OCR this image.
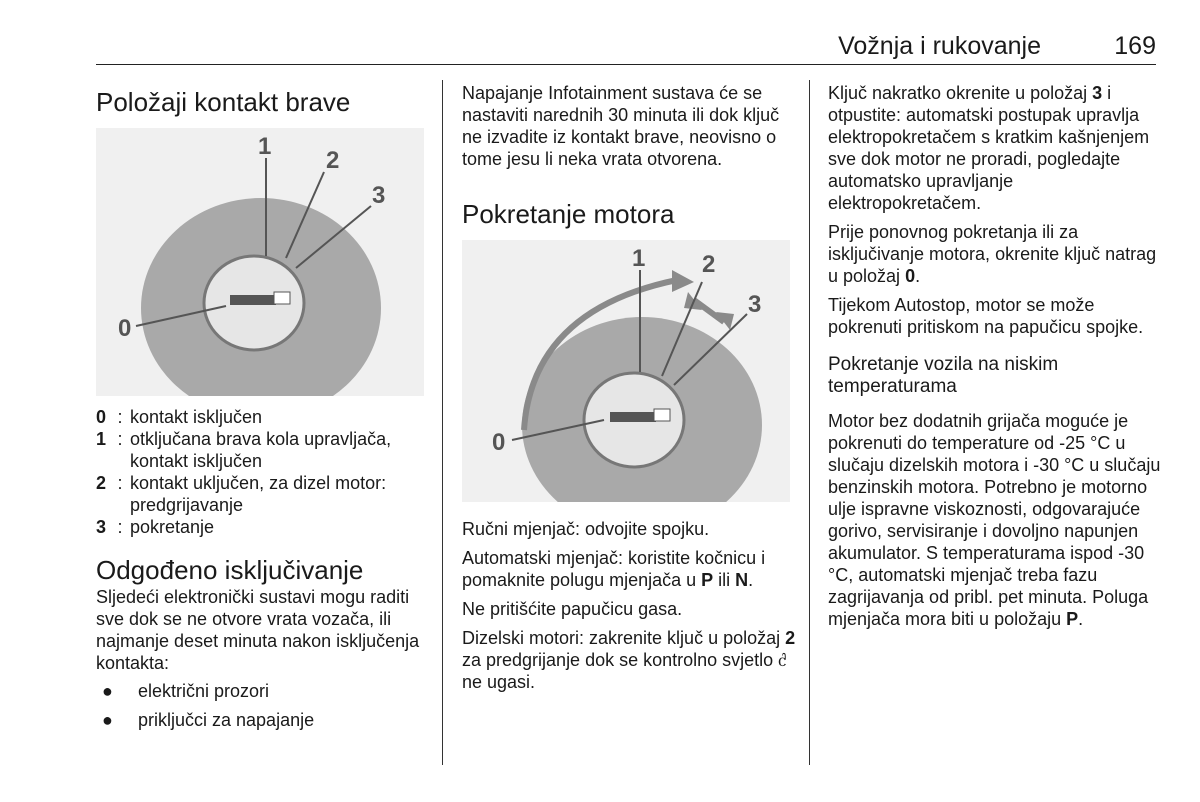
Vožnja i rukovanje	169
Položaji kontakt brave
1
2
3
0
0 : kontakt isključen
1 : otključana brava kola upravljača, kontakt isključen
2 : kontakt uključen, za dizel motor: predgrijavanje
3 : pokretanje
Odgođeno isključivanje

Sljedeći elektronički sustavi mogu raditi sve dok se ne otvore vrata vozača, ili najmanje deset minuta nakon isključenja kontakta:

●	električni prozori
●	priključci za napajanje

Napajanje Infotainment sustava će se nastaviti narednih 30 minuta ili dok ključ ne izvadite iz kontakt brave, neovisno o tome jesu li neka vrata otvorena.

Pokretanje motora
1 2
3
0

Ručni mjenjač: odvojite spojku.

Automatski mjenjač: koristite kočnicu i pomaknite polugu mjenjača u P ili N.

Ne pritišćite papučicu gasa.

Dizelski motori: zakrenite ključ u položaj 2 za predgrijanje dok se kontrolno svjetlo ᦺ ne ugasi.

Ključ nakratko okrenite u položaj 3 i otpustite: automatski postupak upravlja elektropokretačem s kratkim kašnjenjem sve dok motor ne proradi, pogledajte automatsko upravljanje elektropokretačem.

Prije ponovnog pokretanja ili za isključivanje motora, okrenite ključ natrag u položaj 0.

Tijekom Autostop, motor se može pokrenuti pritiskom na papučicu spojke.

Pokretanje vozila na niskim temperaturama

Motor bez dodatnih grijača moguće je pokrenuti do temperature od -25 °C u slučaju dizelskih motora i -30 °C u slučaju benzinskih motora. Potrebno je motorno ulje ispravne viskoznosti, odgovarajuće gorivo, servisiranje i dovoljno napunjen akumulator. S temperaturama ispod -30 °C, automatski mjenjač treba fazu zagrijavanja od pribl. pet minuta. Poluga mjenjača mora biti u položaju P.
